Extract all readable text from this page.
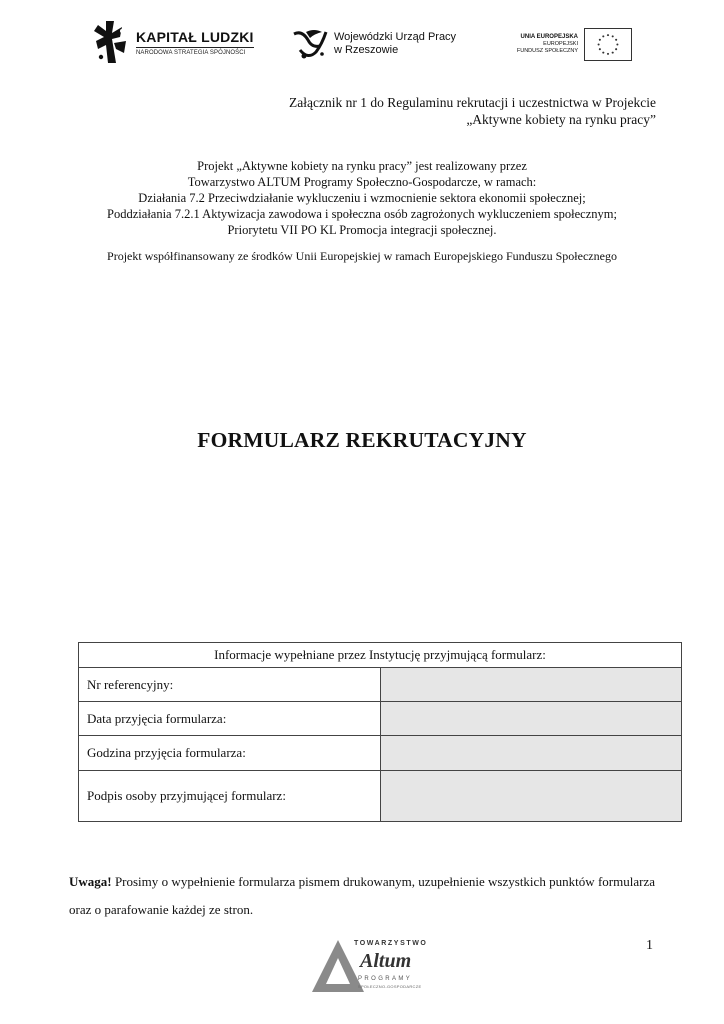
KAPITAŁ LUDZKI
NARODOWA STRATEGIA SPÓJNOŚCI
Wojewódzki Urząd Pracy
w Rzeszowie
UNIA EUROPEJSKA
EUROPEJSKI
FUNDUSZ SPOŁECZNY
Załącznik nr 1 do Regulaminu rekrutacji i uczestnictwa w Projekcie
„Aktywne kobiety na rynku pracy”
Projekt „Aktywne kobiety na rynku pracy” jest realizowany przez
Towarzystwo ALTUM Programy Społeczno-Gospodarcze, w ramach:
Działania 7.2 Przeciwdziałanie wykluczeniu i wzmocnienie sektora ekonomii społecznej;
Poddziałania 7.2.1 Aktywizacja zawodowa i społeczna osób zagrożonych wykluczeniem społecznym;
Priorytetu VII PO KL Promocja integracji społecznej.
Projekt współfinansowany ze środków Unii Europejskiej w ramach Europejskiego Funduszu Społecznego
FORMULARZ REKRUTACYJNY
Informacje wypełniane przez Instytucję przyjmującą formularz:	
Nr referencyjny:	
Data przyjęcia formularza:	
Godzina przyjęcia formularza:	
Podpis osoby przyjmującej formularz:	
Uwaga! Prosimy o wypełnienie formularza pismem drukowanym, uzupełnienie wszystkich punktów formularza oraz o parafowanie każdej ze stron.
1
TOWARZYSTWO
Altum
PROGRAMY
SPOŁECZNO-GOSPODARCZE
